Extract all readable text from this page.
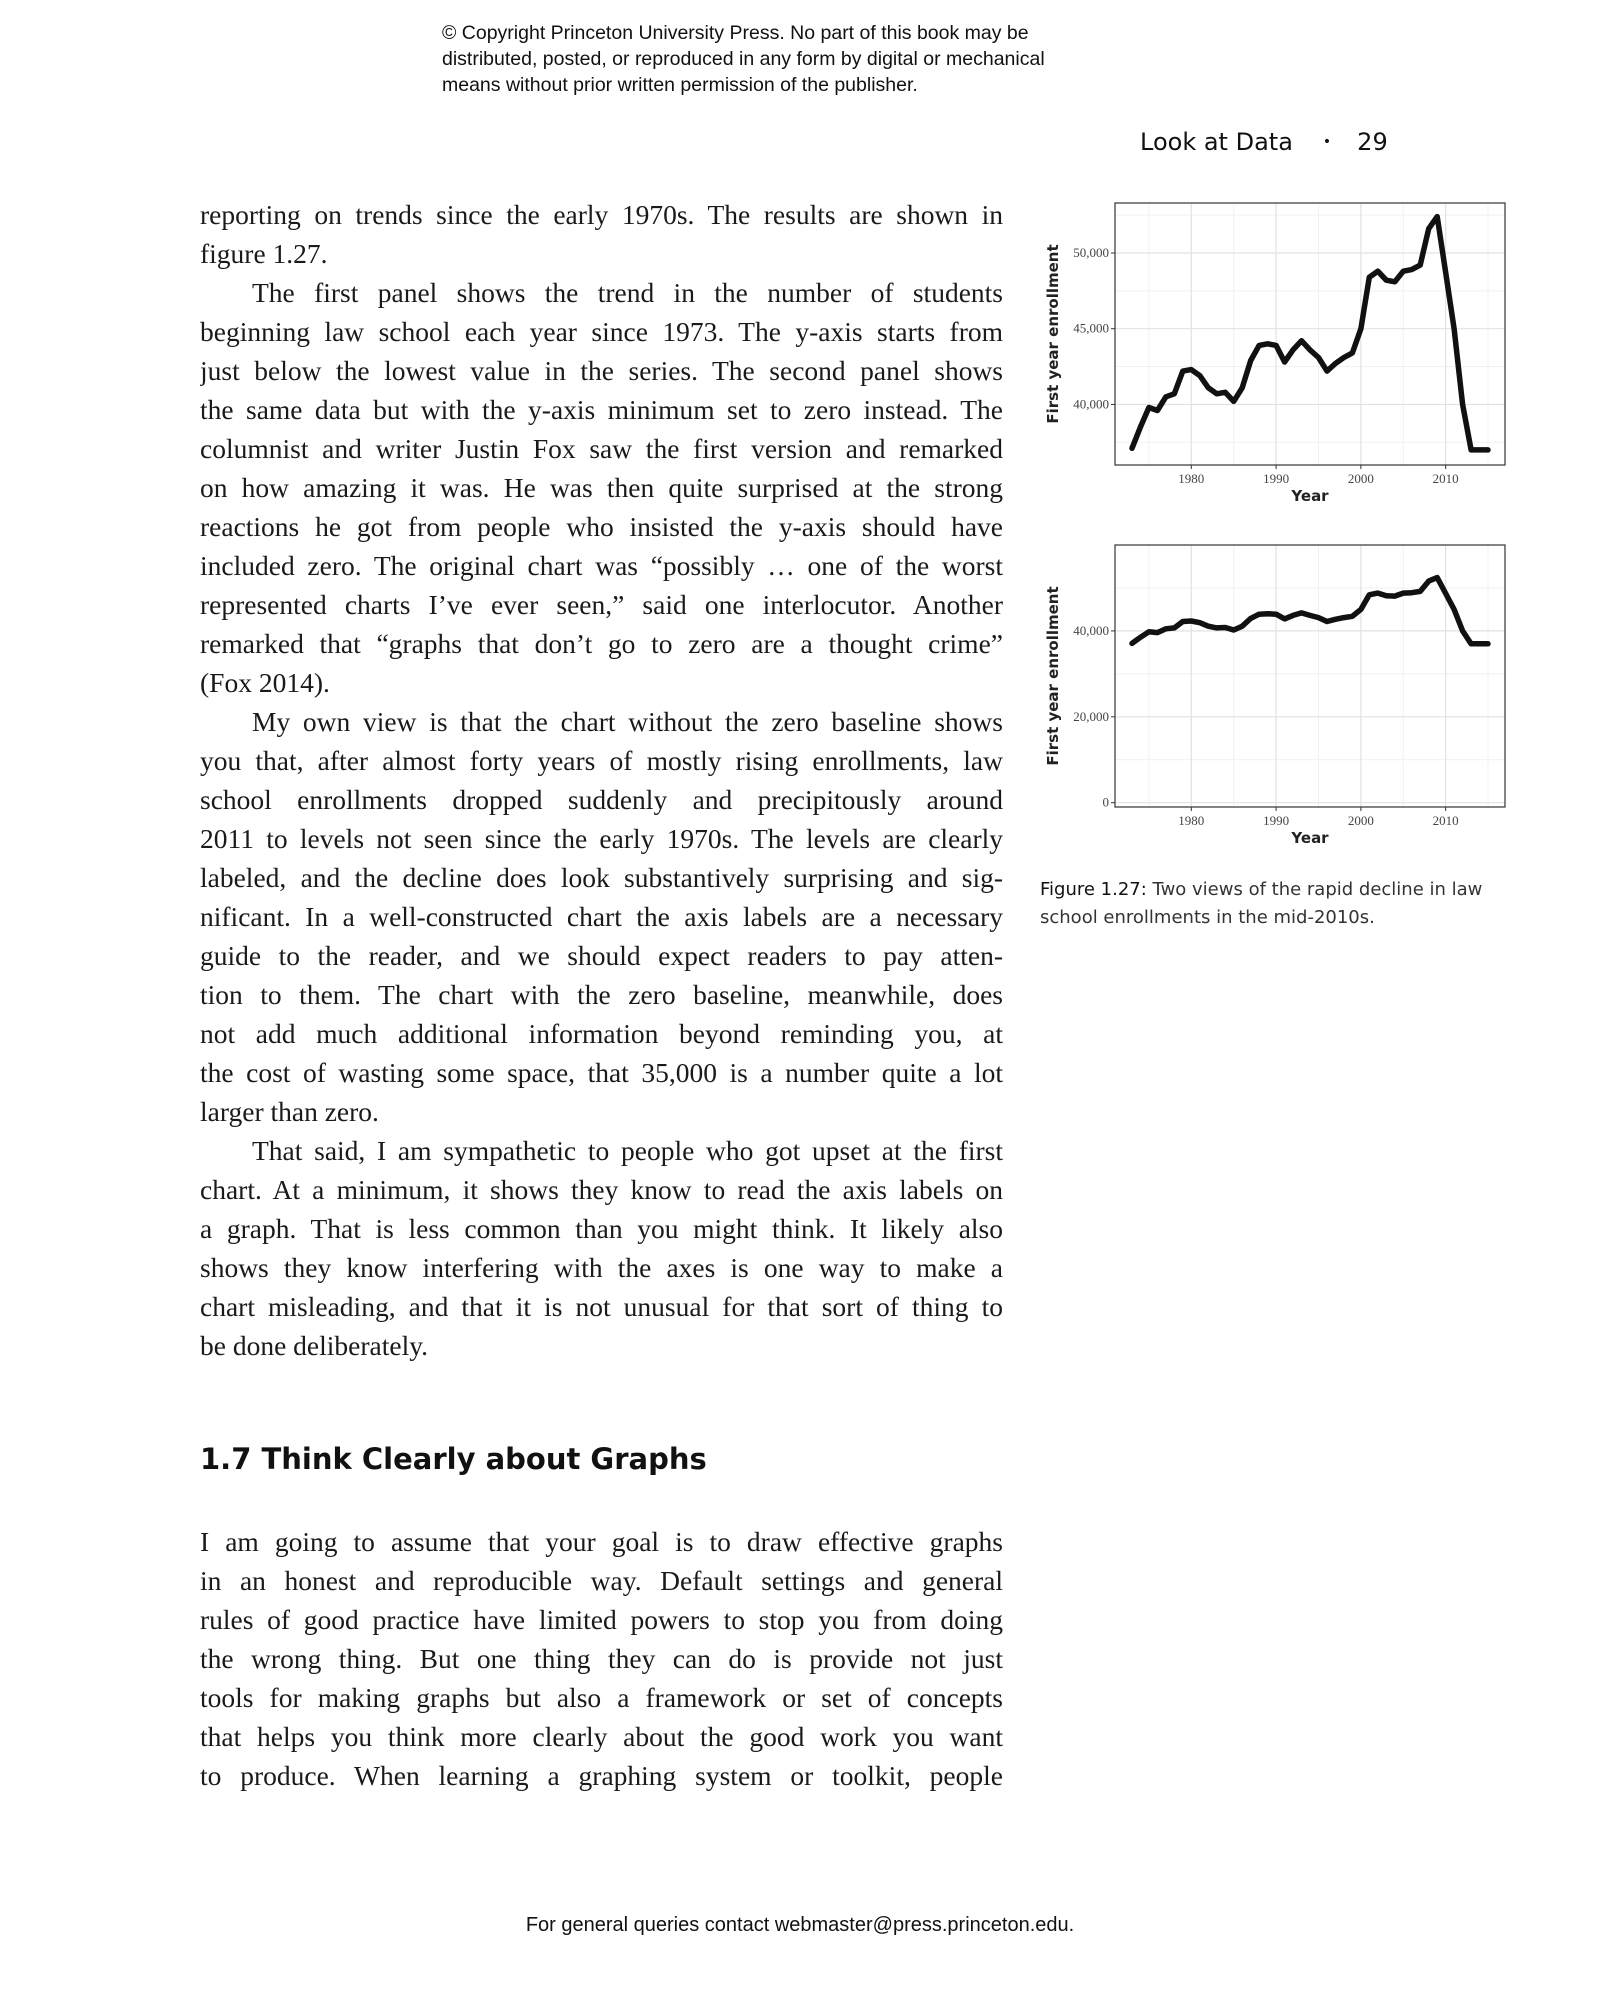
© Copyright Princeton University Press. No part of this book may be
distributed, posted, or reproduced in any form by digital or mechanical
means without prior written permission of the publisher.
Look at Data • 29
reporting on trends since the early 1970s. The results are shown in
figure 1.27.
The first panel shows the trend in the number of students
beginning law school each year since 1973. The y-axis starts from
just below the lowest value in the series. The second panel shows
the same data but with the y-axis minimum set to zero instead. The
columnist and writer Justin Fox saw the first version and remarked
on how amazing it was. He was then quite surprised at the strong
reactions he got from people who insisted the y-axis should have
included zero. The original chart was “possibly … one of the worst
represented charts I’ve ever seen,” said one interlocutor. Another
remarked that “graphs that don’t go to zero are a thought crime”
(Fox 2014).
My own view is that the chart without the zero baseline shows
you that, after almost forty years of mostly rising enrollments, law
school enrollments dropped suddenly and precipitously around
2011 to levels not seen since the early 1970s. The levels are clearly
labeled, and the decline does look substantively surprising and sig-
nificant. In a well-constructed chart the axis labels are a necessary
guide to the reader, and we should expect readers to pay atten-
tion to them. The chart with the zero baseline, meanwhile, does
not add much additional information beyond reminding you, at
the cost of wasting some space, that 35,000 is a number quite a lot
larger than zero.
That said, I am sympathetic to people who got upset at the first
chart. At a minimum, it shows they know to read the axis labels on
a graph. That is less common than you might think. It likely also
shows they know interfering with the axes is one way to make a
chart misleading, and that it is not unusual for that sort of thing to
be done deliberately.
1.7 Think Clearly about Graphs
I am going to assume that your goal is to draw effective graphs
in an honest and reproducible way. Default settings and general
rules of good practice have limited powers to stop you from doing
the wrong thing. But one thing they can do is provide not just
tools for making graphs but also a framework or set of concepts
that helps you think more clearly about the good work you want
to produce. When learning a graphing system or toolkit, people
40,000
45,000
50,000
1980	1990	2000	2010
Year
First year enrollment
0
20,000
40,000
1980	1990	2000	2010
Year
First year enrollment
Figure 1.27: Two views of the rapid decline in law
school enrollments in the mid-2010s.
For general queries contact webmaster@press.princeton.edu.
